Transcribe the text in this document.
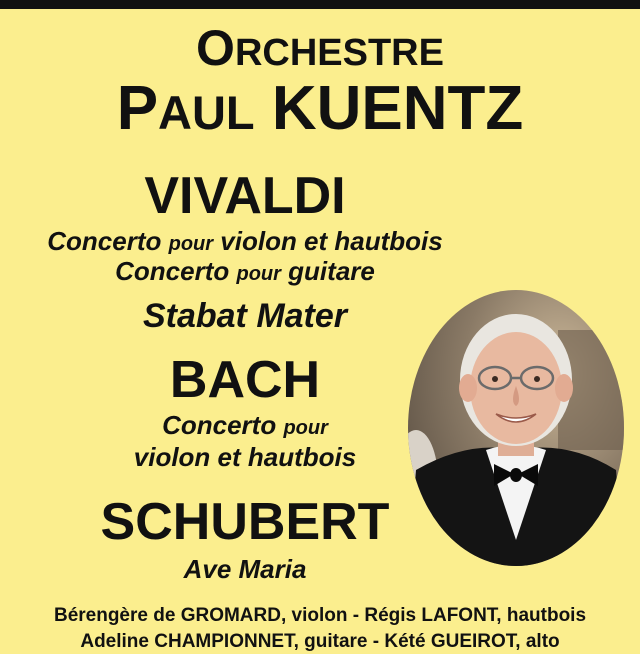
ORCHESTRE
PAUL KUENTZ
VIVALDI
Concerto pour violon et hautbois
Concerto pour guitare
Stabat Mater
BACH
Concerto pour
violon et hautbois
SCHUBERT
Ave Maria
Bérengère de GROMARD, violon - Régis LAFONT, hautbois
Adeline CHAMPIONNET, guitare - Kété GUEIROT, alto
